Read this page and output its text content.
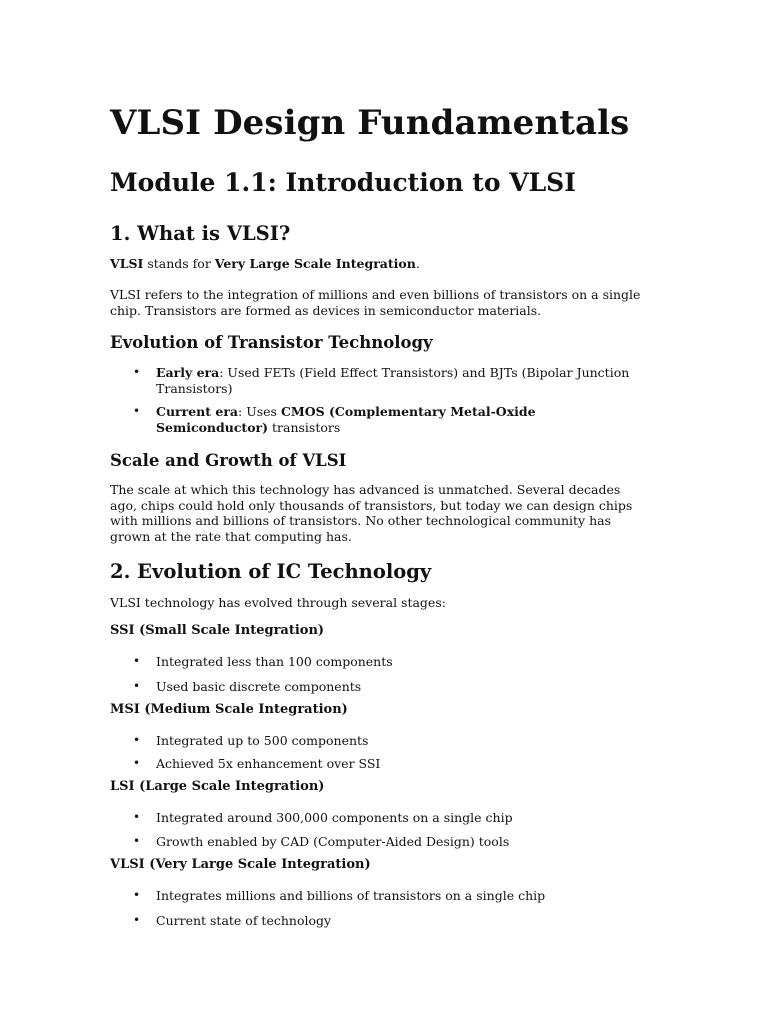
VLSI Design Fundamentals
Module 1.1: Introduction to VLSI
1. What is VLSI?
VLSI stands for Very Large Scale Integration.
VLSI refers to the integration of millions and even billions of transistors on a single chip. Transistors are formed as devices in semiconductor materials.
Evolution of Transistor Technology
• Early era: Used FETs (Field Effect Transistors) and BJTs (Bipolar Junction Transistors)
• Current era: Uses CMOS (Complementary Metal-Oxide Semiconductor) transistors
Scale and Growth of VLSI
The scale at which this technology has advanced is unmatched. Several decades ago, chips could hold only thousands of transistors, but today we can design chips with millions and billions of transistors. No other technological community has grown at the rate that computing has.
2. Evolution of IC Technology
VLSI technology has evolved through several stages:
SSI (Small Scale Integration)
• Integrated less than 100 components
• Used basic discrete components
MSI (Medium Scale Integration)
• Integrated up to 500 components
• Achieved 5x enhancement over SSI
LSI (Large Scale Integration)
• Integrated around 300,000 components on a single chip
• Growth enabled by CAD (Computer-Aided Design) tools
VLSI (Very Large Scale Integration)
• Integrates millions and billions of transistors on a single chip
• Current state of technology
